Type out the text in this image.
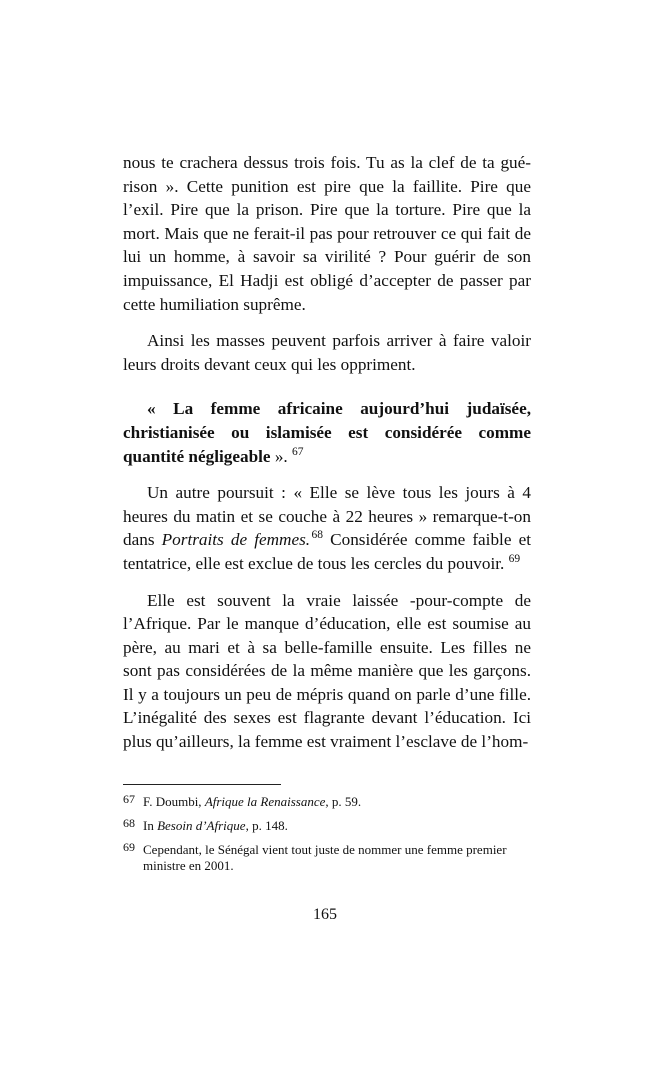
nous te crachera dessus trois fois. Tu as la clef de ta gué-rison ». Cette punition est pire que la faillite. Pire que l’exil. Pire que la prison. Pire que la torture. Pire que la mort. Mais que ne ferait-il pas pour retrouver ce qui fait de lui un homme, à savoir sa virilité ? Pour guérir de son impuissance, El Hadji est obligé d’accepter de passer par cette humiliation suprême.

Ainsi les masses peuvent parfois arriver à faire valoir leurs droits devant ceux qui les oppriment.

« La femme africaine aujourd’hui judaïsée, christianisée ou islamisée est considérée comme quantité négligeable ». $^{67}$

Un autre poursuit : « Elle se lève tous les jours à 4 heures du matin et se couche à 22 heures » remarque-t-on dans Portraits de femmes. $^{68}$ Considérée comme faible et tentatrice, elle est exclue de tous les cercles du pouvoir. $^{69}$

Elle est souvent la vraie laissée -pour-compte de l’Afrique. Par le manque d’éducation, elle est soumise au père, au mari et à sa belle-famille ensuite. Les filles ne sont pas considérées de la même manière que les garçons. Il y a toujours un peu de mépris quand on parle d’une fille. L’inégalité des sexes est flagrante devant l’éducation. Ici plus qu’ailleurs, la femme est vraiment l’esclave de l’hom-

67 F. Doumbi, Afrique la Renaissance, p. 59.
68 In Besoin d’Afrique, p. 148.
69 Cependant, le Sénégal vient tout juste de nommer une femme premier ministre en 2001.
165
